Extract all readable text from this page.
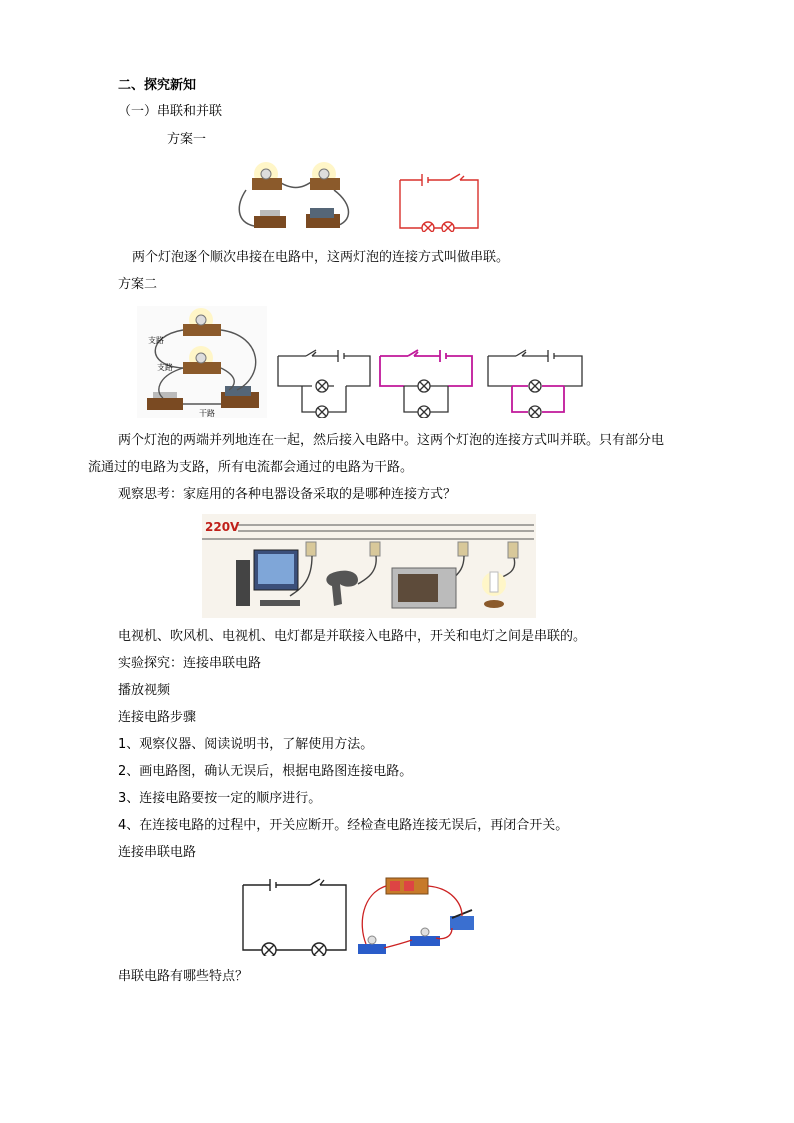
二、探究新知
（一）串联和并联
方案一
两个灯泡逐个顺次串接在电路中，这两灯泡的连接方式叫做串联。
方案二
支路
支路
干路
两个灯泡的两端并列地连在一起，然后接入电路中。这两个灯泡的连接方式叫并联。只有部分电
流通过的电路为支路，所有电流都会通过的电路为干路。
观察思考：家庭用的各种电器设备采取的是哪种连接方式？
220V
电视机、吹风机、电视机、电灯都是并联接入电路中，开关和电灯之间是串联的。
实验探究：连接串联电路
播放视频
连接电路步骤
1、观察仪器、阅读说明书，了解使用方法。
2、画电路图，确认无误后，根据电路图连接电路。
3、连接电路要按一定的顺序进行。
4、在连接电路的过程中，开关应断开。经检查电路连接无误后，再闭合开关。
连接串联电路
串联电路有哪些特点？
